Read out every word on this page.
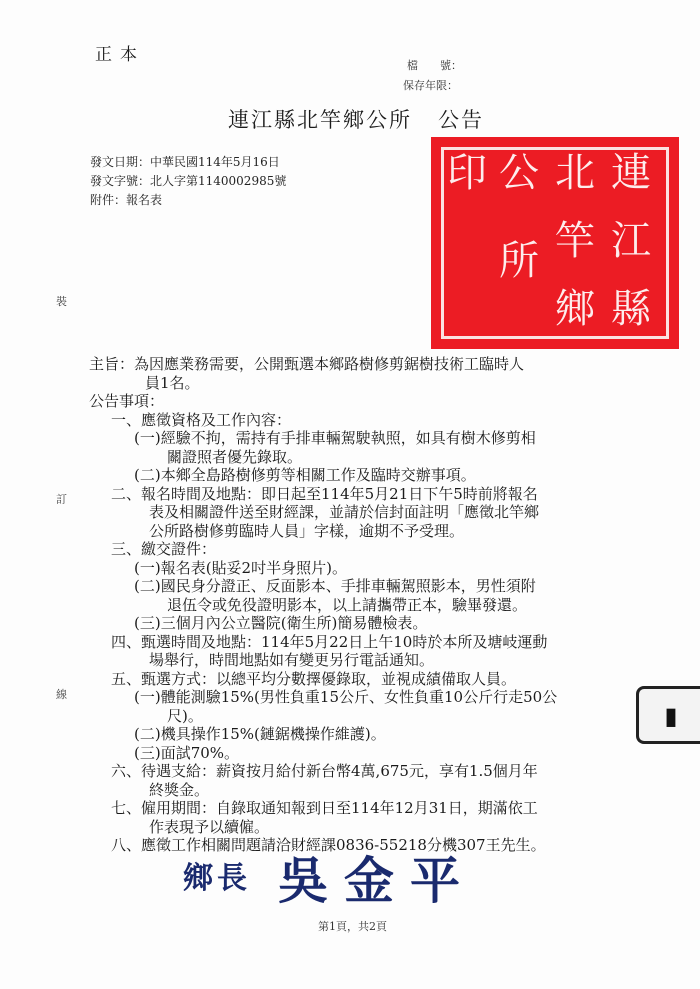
正本
檔　　號：
保存年限：
連江縣北竿鄉公所 公告
發文日期：中華民國114年5月16日
發文字號：北人字第1140002985號
附件：報名表
連
江
縣
北
竿
鄉
公
所
印
裝
訂
線
▮
主旨：為因應業務需要，公開甄選本鄉路樹修剪鋸樹技術工臨時人
員1名。
公告事項：
一、應徵資格及工作內容：
(一)經驗不拘，需持有手排車輛駕駛執照，如具有樹木修剪相
關證照者優先錄取。
(二)本鄉全島路樹修剪等相關工作及臨時交辦事項。
二、報名時間及地點：即日起至114年5月21日下午5時前將報名
表及相關證件送至財經課，並請於信封面註明「應徵北竿鄉
公所路樹修剪臨時人員」字樣，逾期不予受理。
三、繳交證件：
(一)報名表(貼妥2吋半身照片)。
(二)國民身分證正、反面影本、手排車輛駕照影本，男性須附
退伍令或免役證明影本，以上請攜帶正本，驗畢發還。
(三)三個月內公立醫院(衛生所)簡易體檢表。
四、甄選時間及地點：114年5月22日上午10時於本所及塘岐運動
場舉行，時間地點如有變更另行電話通知。
五、甄選方式：以總平均分數擇優錄取，並視成績備取人員。
(一)體能測驗15%(男性負重15公斤、女性負重10公斤行走50公
尺)。
(二)機具操作15%(鏈鋸機操作維護)。
(三)面試70%。
六、待遇支給：薪資按月給付新台幣4萬,675元，享有1.5個月年
終獎金。
七、僱用期間：自錄取通知報到日至114年12月31日，期滿依工
作表現予以續僱。
八、應徵工作相關問題請洽財經課0836-55218分機307王先生。
鄉長 吳金平
第1頁，共2頁
